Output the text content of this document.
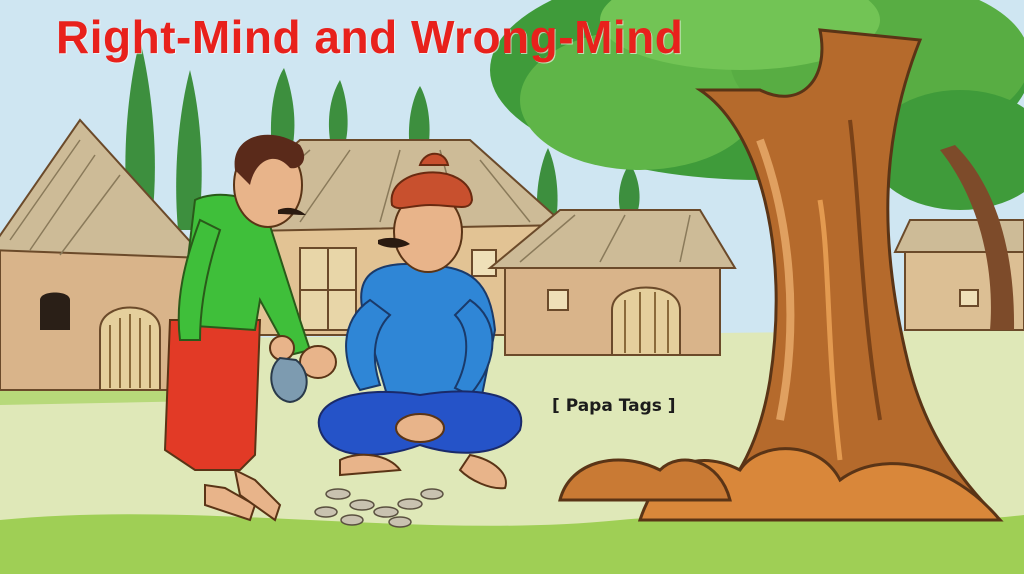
Right-Mind and Wrong-Mind
[ Papa Tags ]
